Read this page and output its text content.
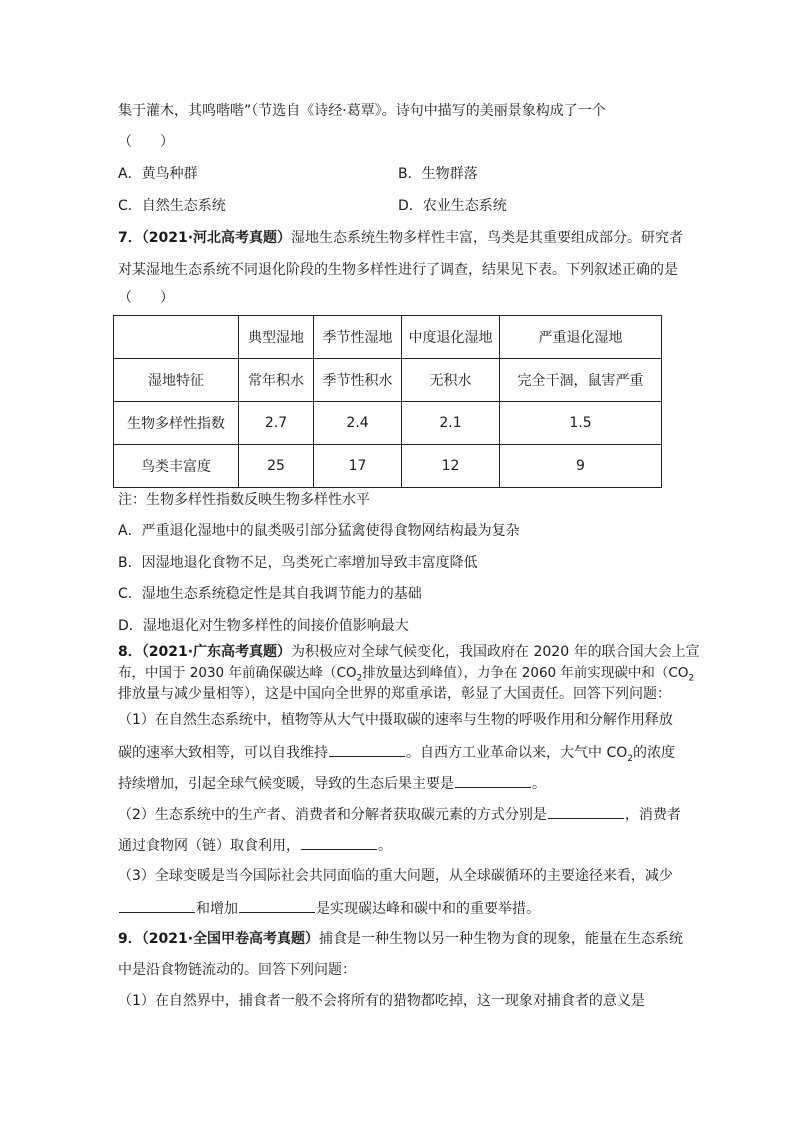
集于灌木，其鸣喈喈”（节选自《诗经·葛覃》。诗句中描写的美丽景象构成了一个
（　　）
A．黄鸟种群	B．生物群落
C．自然生态系统	D．农业生态系统
7．（2021·河北高考真题）湿地生态系统生物多样性丰富，鸟类是其重要组成部分。研究者
对某湿地生态系统不同退化阶段的生物多样性进行了调查，结果见下表。下列叙述正确的是
（　　）
	典型湿地	季节性湿地	中度退化湿地	严重退化湿地
湿地特征	常年积水	季节性积水	无积水	完全干涸，鼠害严重
生物多样性指数	2.7	2.4	2.1	1.5
鸟类丰富度	25	17	12	9
注：生物多样性指数反映生物多样性水平
A．严重退化湿地中的鼠类吸引部分猛禽使得食物网结构最为复杂
B．因湿地退化食物不足，鸟类死亡率增加导致丰富度降低
C．湿地生态系统稳定性是其自我调节能力的基础
D．湿地退化对生物多样性的间接价值影响最大
8．（2021·广东高考真题）为积极应对全球气候变化，我国政府在 2020 年的联合国大会上宣
布，中国于 2030 年前确保碳达峰（$CO_2$排放量达到峰值），力争在 2060 年前实现碳中和（$CO_2$
排放量与减少量相等），这是中国向全世界的郑重承诺，彰显了大国责任。回答下列问题：
（1）在自然生态系统中，植物等从大气中摄取碳的速率与生物的呼吸作用和分解作用释放
碳的速率大致相等，可以自我维持	。自西方工业革命以来，大气中 $CO_2$的浓度
持续增加，引起全球气候变暖，导致的生态后果主要是	。
（2）生态系统中的生产者、消费者和分解者获取碳元素的方式分别是	，消费者
通过食物网（链）取食利用，	。
（3）全球变暖是当今国际社会共同面临的重大问题，从全球碳循环的主要途径来看，减少
和增加	是实现碳达峰和碳中和的重要举措。
9．（2021·全国甲卷高考真题）捕食是一种生物以另一种生物为食的现象，能量在生态系统
中是沿食物链流动的。回答下列问题：
（1）在自然界中，捕食者一般不会将所有的猎物都吃掉，这一现象对捕食者的意义是
